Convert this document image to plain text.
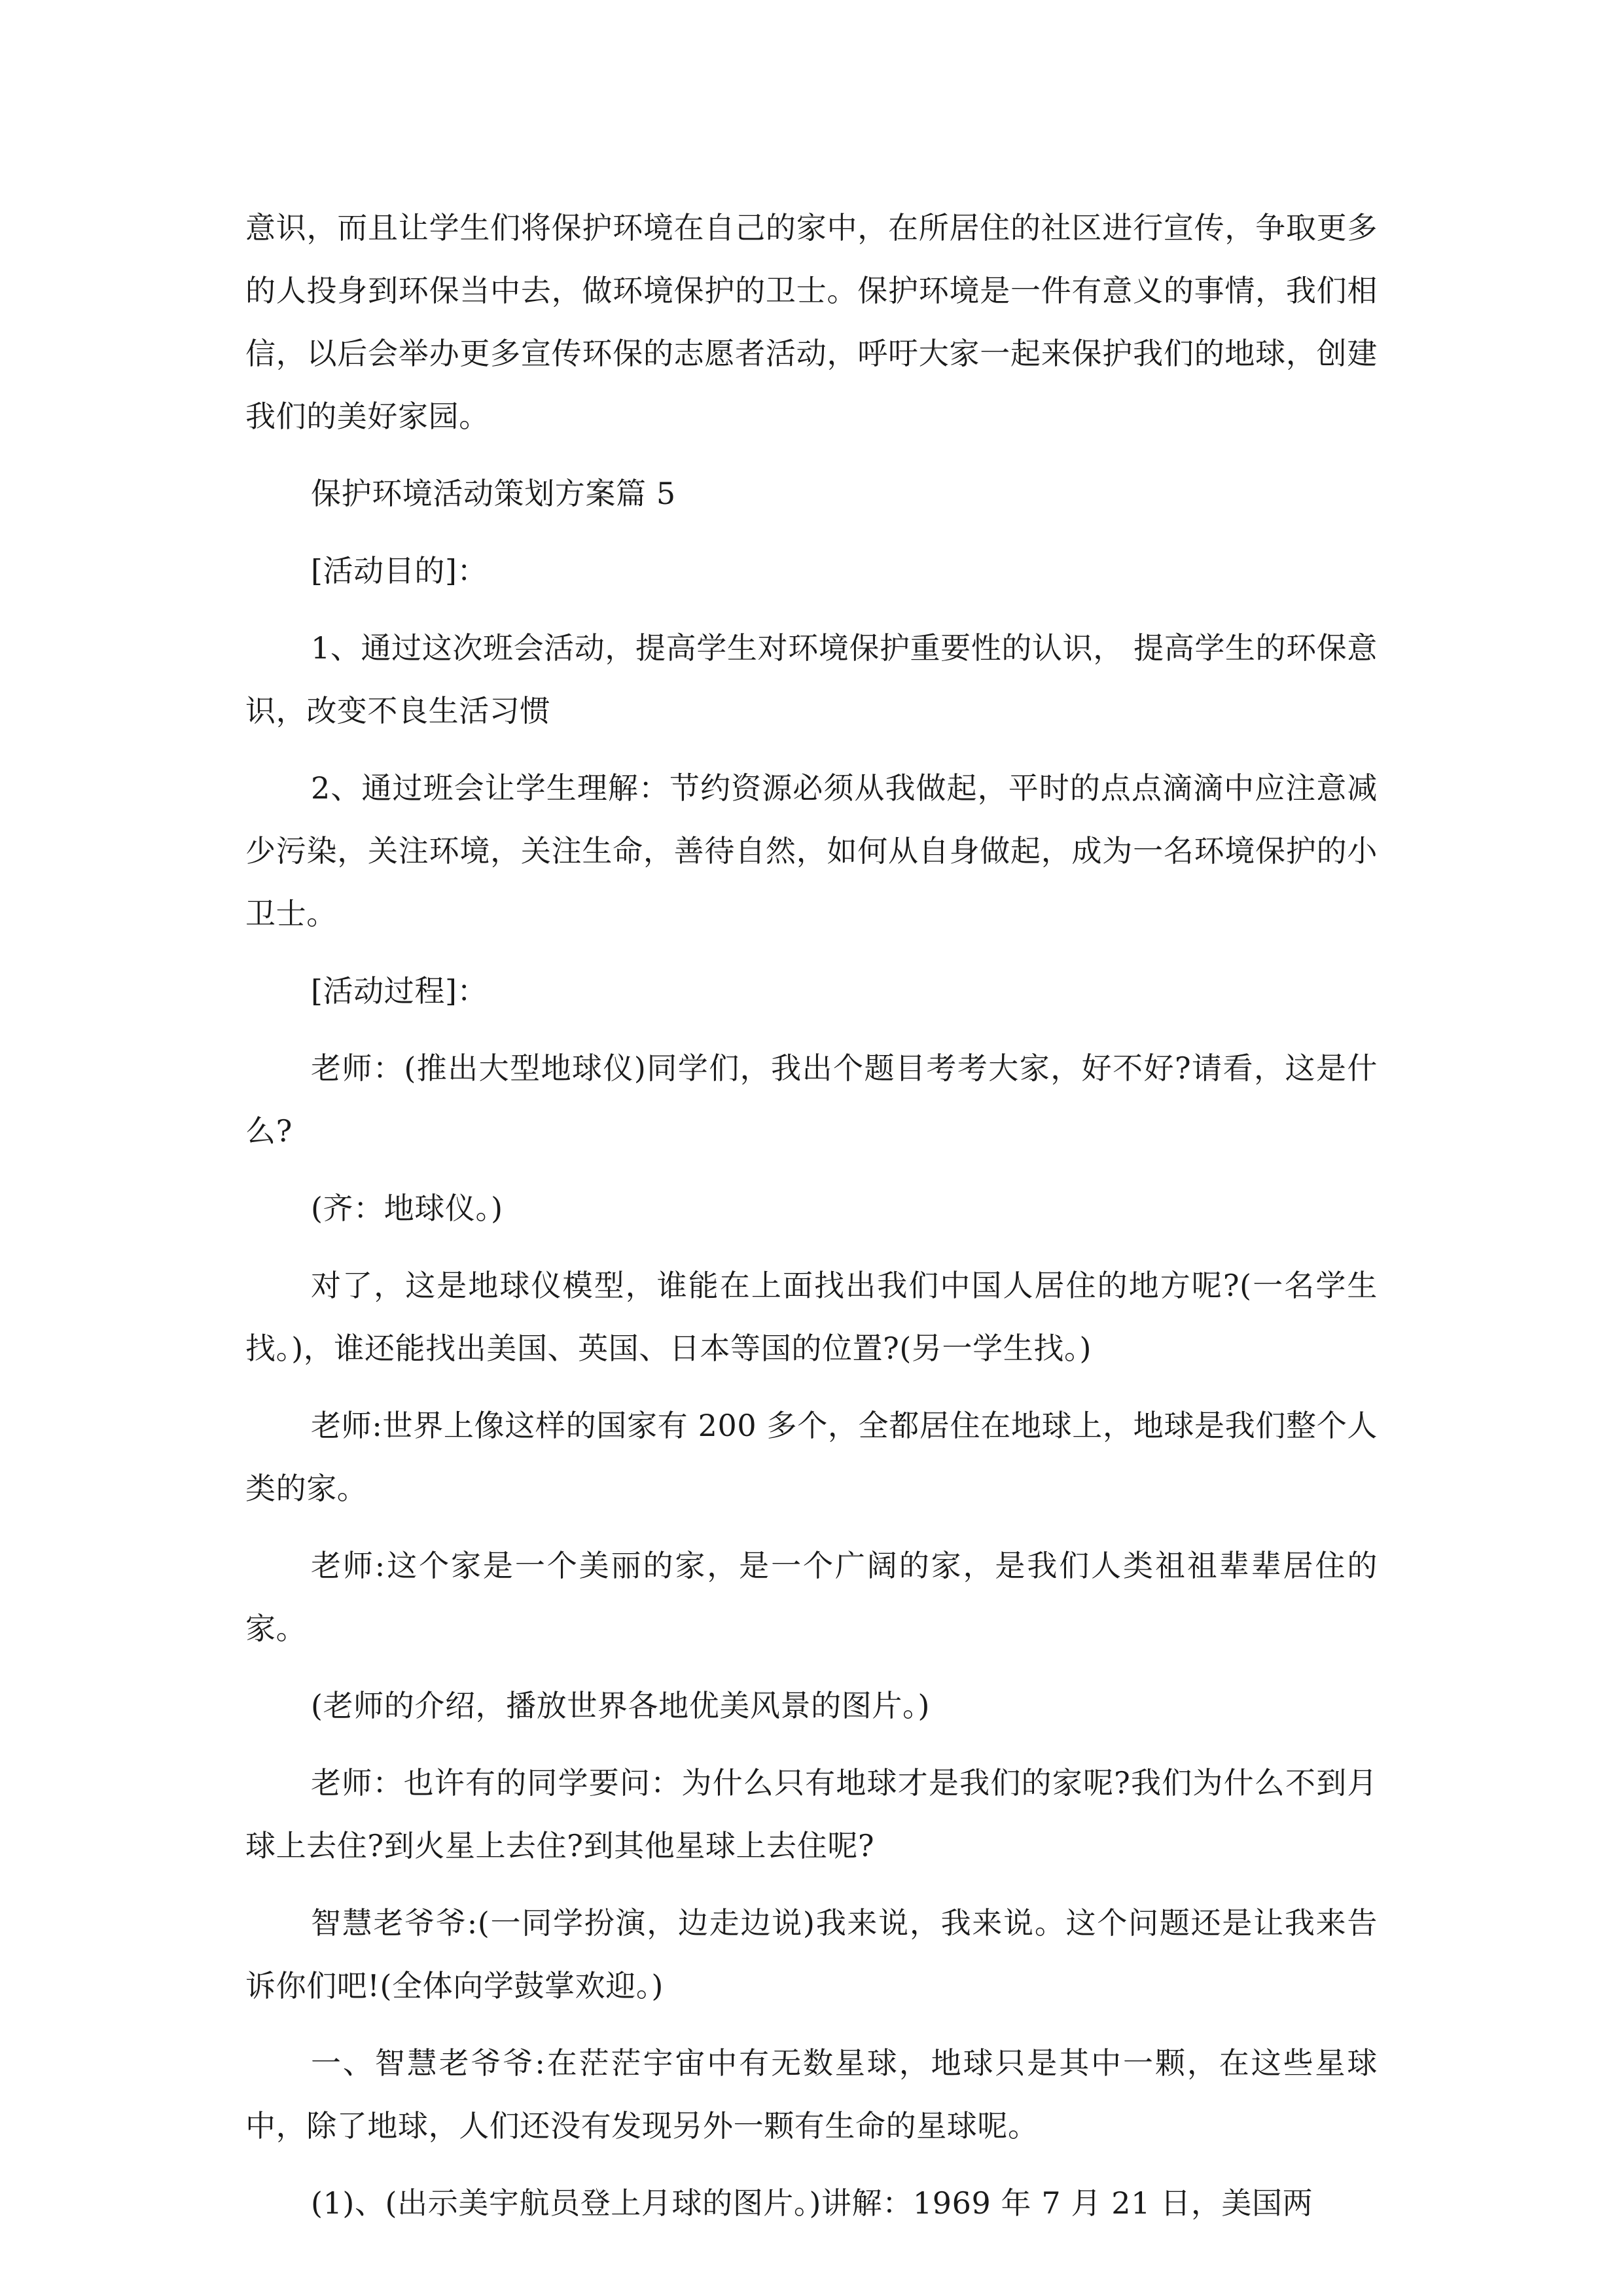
意识，而且让学生们将保护环境在自己的家中，在所居住的社区进行宣传，争取更多的人投身到环保当中去，做环境保护的卫士。保护环境是一件有意义的事情，我们相信，以后会举办更多宣传环保的志愿者活动，呼吁大家一起来保护我们的地球，创建我们的美好家园。

保护环境活动策划方案篇 5

[活动目的]：

1、通过这次班会活动，提高学生对环境保护重要性的认识， 提高学生的环保意识，改变不良生活习惯

2、通过班会让学生理解：节约资源必须从我做起，平时的点点滴滴中应注意减少污染，关注环境，关注生命，善待自然，如何从自身做起，成为一名环境保护的小卫士。

[活动过程]：

老师：(推出大型地球仪)同学们，我出个题目考考大家，好不好?请看，这是什么?

(齐：地球仪。)

对了，这是地球仪模型，谁能在上面找出我们中国人居住的地方呢?(一名学生找。)，谁还能找出美国、英国、日本等国的位置?(另一学生找。)

老师:世界上像这样的国家有 200 多个，全都居住在地球上，地球是我们整个人类的家。

老师:这个家是一个美丽的家，是一个广阔的家，是我们人类祖祖辈辈居住的家。

(老师的介绍，播放世界各地优美风景的图片。)

老师：也许有的同学要问：为什么只有地球才是我们的家呢?我们为什么不到月球上去住?到火星上去住?到其他星球上去住呢?

智慧老爷爷:(一同学扮演，边走边说)我来说，我来说。这个问题还是让我来告诉你们吧!(全体向学鼓掌欢迎。)

一、智慧老爷爷:在茫茫宇宙中有无数星球，地球只是其中一颗，在这些星球中，除了地球，人们还没有发现另外一颗有生命的星球呢。

(1)、(出示美宇航员登上月球的图片。)讲解：1969 年 7 月 21 日，美国两
